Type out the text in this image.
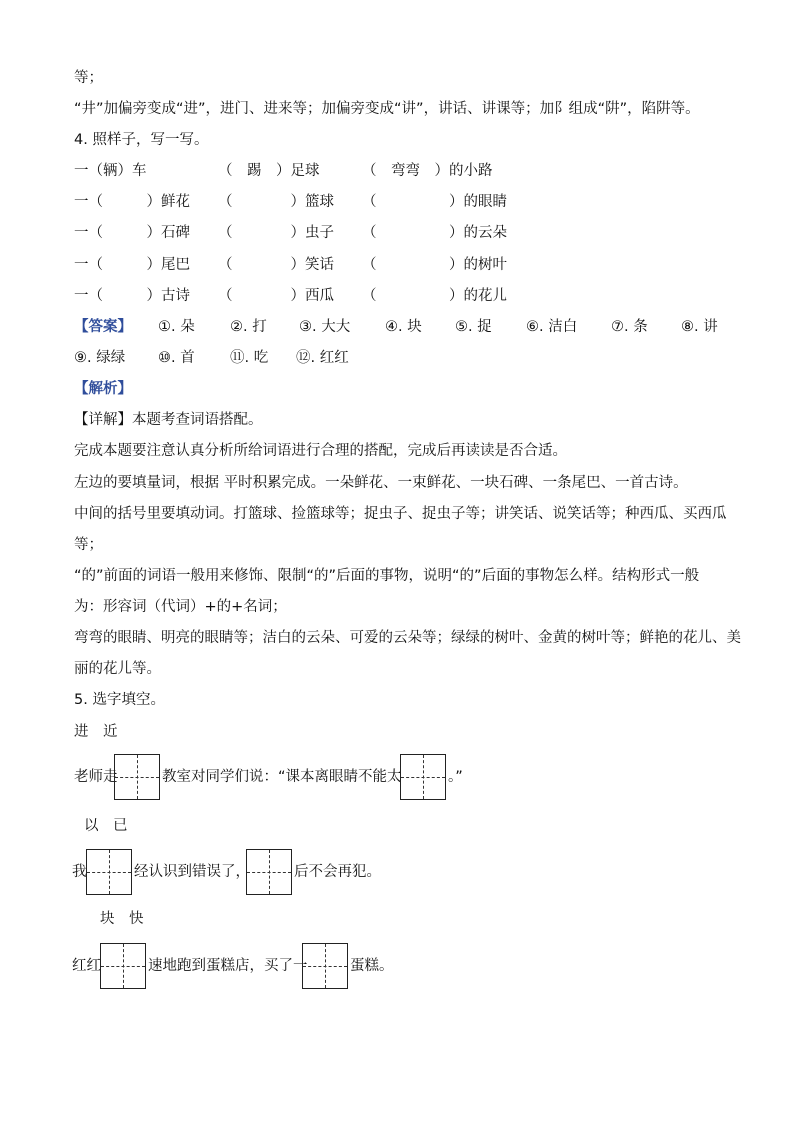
等；
“井”加偏旁变成“进”，进门、进来等；加偏旁变成“讲”，讲话、讲课等；加阝组成“阱”，陷阱等。
4. 照样子，写一写。
一（辆）车	（　踢　）足球	（　弯弯　）的小路
一（　　　）鲜花 （　　　　）篮球 （　　　　　）的眼睛
一（　　　）石碑 （　　　　）虫子 （　　　　　）的云朵
一（　　　）尾巴 （　　　　）笑话 （　　　　　）的树叶
一（　　　）古诗 （　　　　）西瓜 （　　　　　）的花儿
【答案】 ①. 朵 ②. 打 ③. 大大 ④. 块 ⑤. 捉 ⑥. 洁白 ⑦. 条 ⑧. 讲
⑨. 绿绿 ⑩. 首 ⑪. 吃 ⑫. 红红
【解析】
【详解】本题考查词语搭配。
完成本题要注意认真分析所给词语进行合理的搭配，完成后再读读是否合适。
左边的要填量词，根据 平时积累完成。一朵鲜花、一束鲜花、一块石碑、一条尾巴、一首古诗。
中间的括号里要填动词。打篮球、捡篮球等；捉虫子、捉虫子等；讲笑话、说笑话等；种西瓜、买西瓜
等；
“的”前面的词语一般用来修饰、限制“的”后面的事物，说明“的”后面的事物怎么样。结构形式一般
为：形容词（代词）+的+名词；
弯弯的眼睛、明亮的眼睛等；洁白的云朵、可爱的云朵等；绿绿的树叶、金黄的树叶等；鲜艳的花儿、美
丽的花儿等。
5. 选字填空。
进　近
老师走	教室对同学们说：“课本离眼睛不能太	。”
以　已
我	经认识到错误了，	后不会再犯。
块　快
红红	速地跑到蛋糕店，买了一	蛋糕。
